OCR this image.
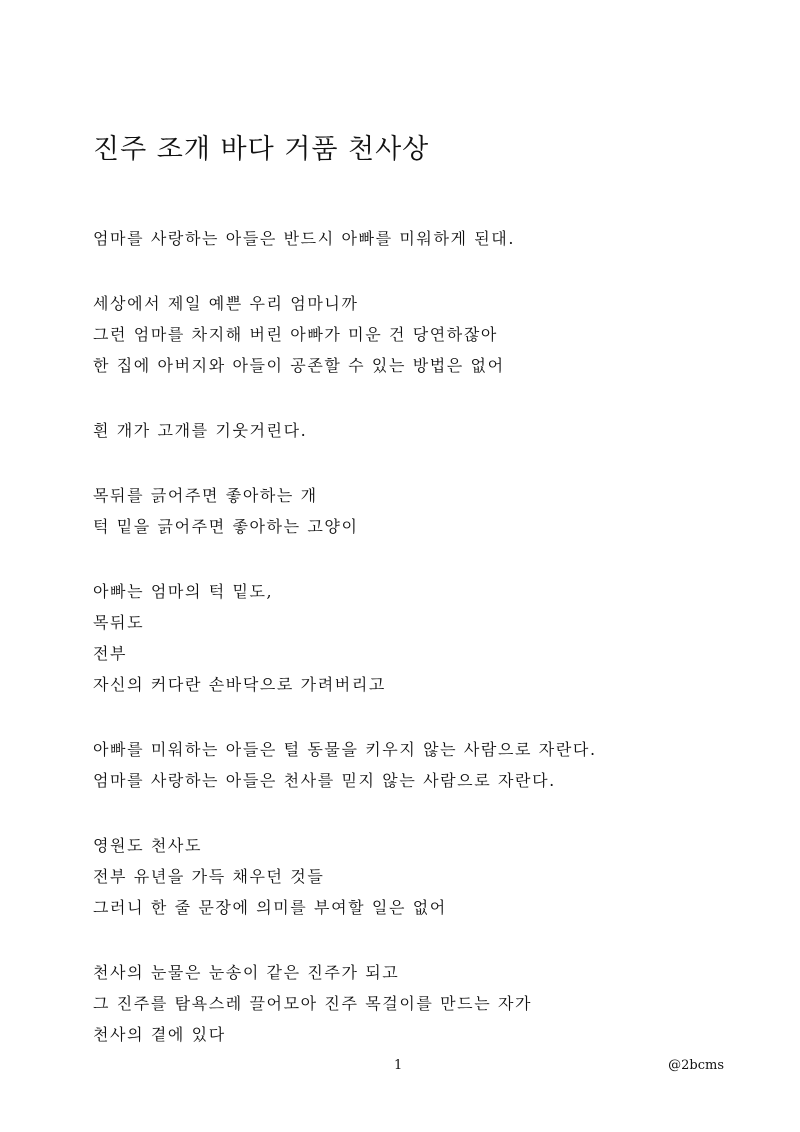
진주 조개 바다 거품 천사상
엄마를 사랑하는 아들은 반드시 아빠를 미워하게 된대.
세상에서 제일 예쁜 우리 엄마니까
그런 엄마를 차지해 버린 아빠가 미운 건 당연하잖아
한 집에 아버지와 아들이 공존할 수 있는 방법은 없어
흰 개가 고개를 기웃거린다.
목뒤를 긁어주면 좋아하는 개
턱 밑을 긁어주면 좋아하는 고양이
아빠는 엄마의 턱 밑도,
목뒤도
전부
자신의 커다란 손바닥으로 가려버리고
아빠를 미워하는 아들은 털 동물을 키우지 않는 사람으로 자란다.
엄마를 사랑하는 아들은 천사를 믿지 않는 사람으로 자란다.
영원도 천사도
전부 유년을 가득 채우던 것들
그러니 한 줄 문장에 의미를 부여할 일은 없어
천사의 눈물은 눈송이 같은 진주가 되고
그 진주를 탐욕스레 끌어모아 진주 목걸이를 만드는 자가
천사의 곁에 있다
1	@2bcms
